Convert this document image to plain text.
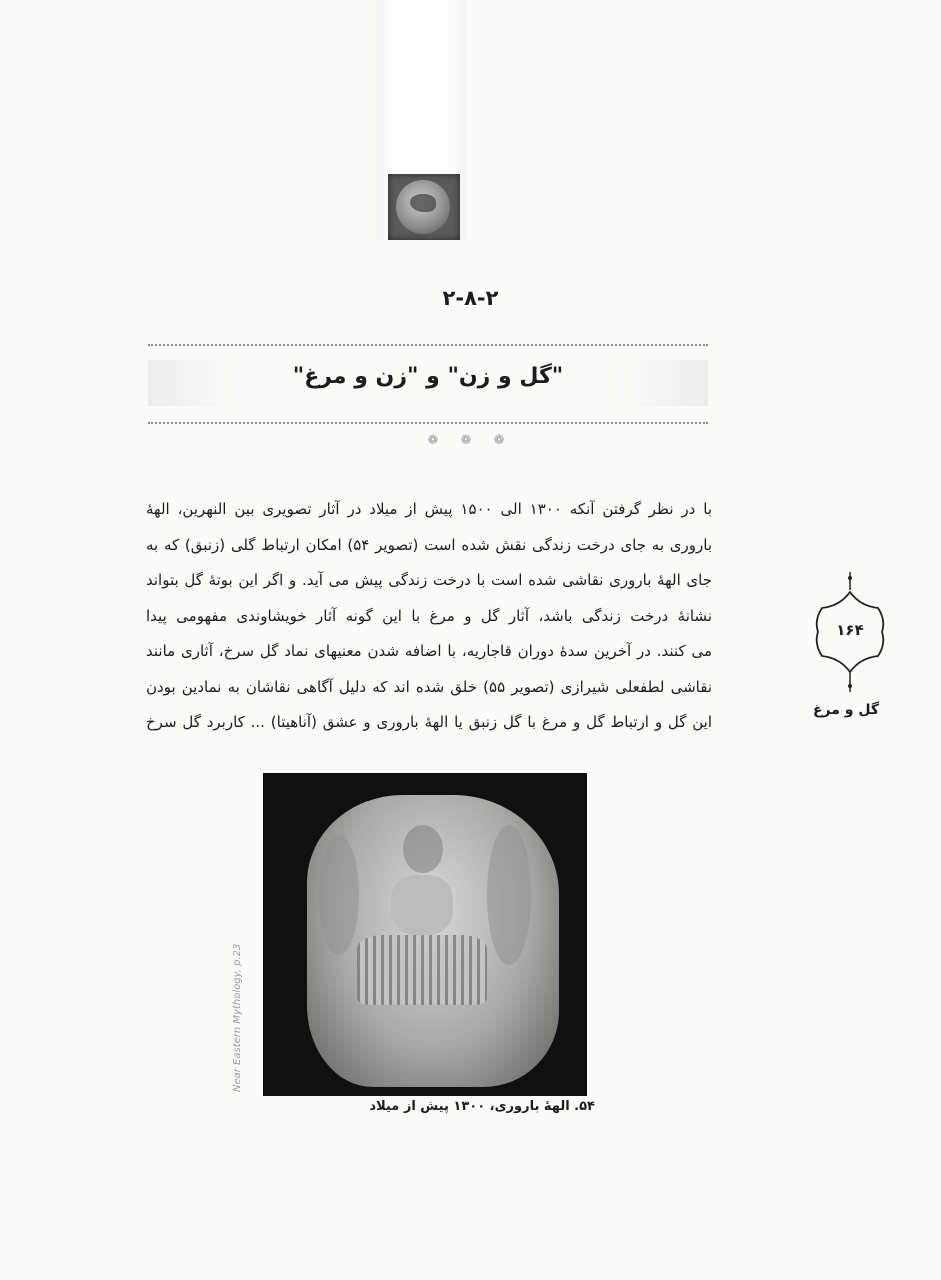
۲-۸-۲
"گل و زن" و "زن و مرغ"
❁ ❁ ❁

با در نظر گرفتن آنکه ۱۳۰۰ الی ۱۵۰۰ پیش از میلاد در آثار تصویری بین النهرین، الهۀ

باروری به جای درخت زندگی نقش شده است (تصویر ۵۴) امکان ارتباط گلی (زنبق) که به

جای الهۀ باروری نقاشی شده است با درخت زندگی پیش می آید. و اگر این بوتۀ گل بتواند

نشانۀ درخت زندگی باشد، آثار گل و مرغ با این گونه آثار خویشاوندی مفهومی پیدا

می کنند. در آخرین سدۀ دوران قاجاریه، با اضافه شدن معنیهای نماد گل سرخ، آثاری مانند

نقاشی لطفعلی شیرازی (تصویر ۵۵) خلق شده اند که دلیل آگاهی نقاشان به نمادین بودن

این گل و ارتباط گل و مرغ با گل زنبق یا الهۀ باروری و عشق (آناهیتا) ... کاربرد گل سرخ

۱۶۴
گل و مرغ
Near Eastern Mythology, p.23
۵۴. الهۀ باروری، ۱۳۰۰ پیش از میلاد
